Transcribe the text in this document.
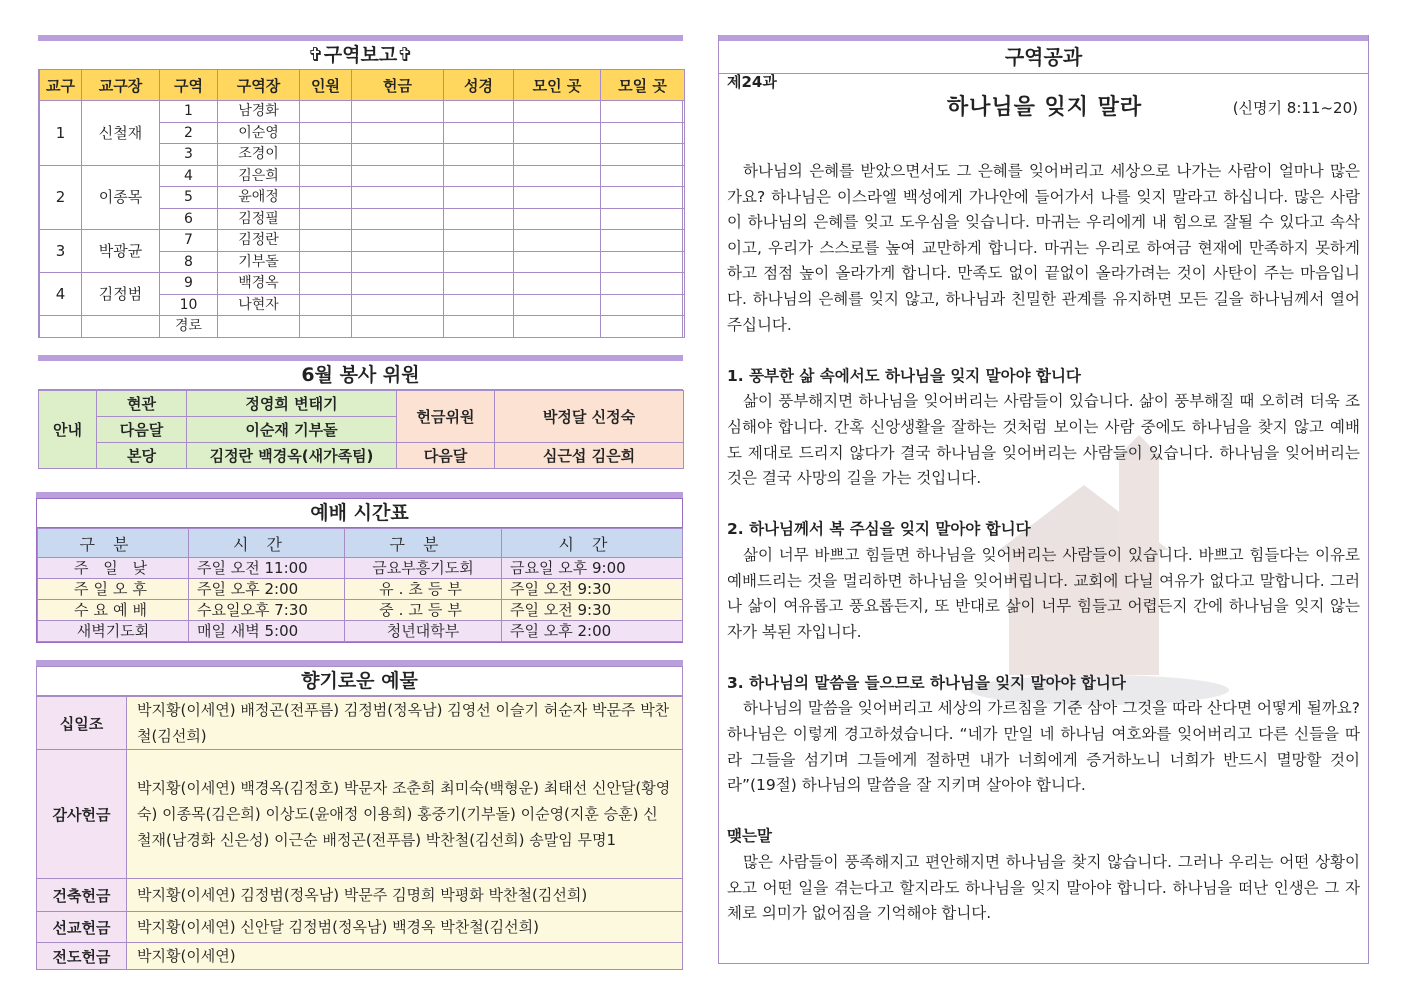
✞구역보고✞
교구	교구장	구역	구역장	인원	헌금	성경	모인 곳	모일 곳
1	신철재	1	남경화					
		2	이순영					
		3	조경이					
2	이종목	4	김은희					
		5	윤애정					
		6	김정필					
3	박광균	7	김정란					
		8	기부돌					
4	김정범	9	백경옥					
		10	나현자					
		경로						
6월 봉사 위원
안내	현관	정영희 변태기	헌금위원	박정달 신정숙
	다음달	이순재 기부돌		
	본당	김정란 백경옥(새가족팀)	다음달	심근섭 김은희
예배 시간표
구분	시간	구분	시간
주 일 낮	주일 오전 11:00	금요부흥기도회	금요일 오후 9:00
주일오후	주일 오후 2:00	유.초등부	주일 오전 9:30
수요예배	수요일오후 7:30	중.고등부	주일 오전 9:30
새벽기도회	매일 새벽 5:00	청년대학부	주일 오후 2:00
향기로운 예물
십일조	박지황(이세연) 배정곤(전푸름) 김정범(정옥남) 김영선 이슬기 허순자 박문주 박찬철(김선희)
감사헌금	박지황(이세연) 백경옥(김정호) 박문자 조춘희 최미숙(백형운) 최태선 신안달(황영숙) 이종목(김은희) 이상도(윤애정 이용희) 홍중기(기부돌) 이순영(지훈 승훈) 신철재(남경화 신은성) 이근순 배정곤(전푸름) 박찬철(김선희) 송말임 무명1
건축헌금	박지황(이세연) 김정범(정옥남) 박문주 김명희 박평화 박찬철(김선희)
선교헌금	박지황(이세연) 신안달 김정범(정옥남) 백경옥 박찬철(김선희)
전도헌금	박지황(이세연)
구역공과
제24과
하나님을 잊지 말라	(신명기 8:11~20)

하나님의 은혜를 받았으면서도 그 은혜를 잊어버리고 세상으로 나가는 사람이 얼마나 많은가요? 하나님은 이스라엘 백성에게 가나안에 들어가서 나를 잊지 말라고 하십니다. 많은 사람이 하나님의 은혜를 잊고 도우심을 잊습니다. 마귀는 우리에게 내 힘으로 잘될 수 있다고 속삭이고, 우리가 스스로를 높여 교만하게 합니다. 마귀는 우리로 하여금 현재에 만족하지 못하게 하고 점점 높이 올라가게 합니다. 만족도 없이 끝없이 올라가려는 것이 사탄이 주는 마음입니다. 하나님의 은혜를 잊지 않고, 하나님과 친밀한 관계를 유지하면 모든 길을 하나님께서 열어주십니다.

1. 풍부한 삶 속에서도 하나님을 잊지 말아야 합니다

삶이 풍부해지면 하나님을 잊어버리는 사람들이 있습니다. 삶이 풍부해질 때 오히려 더욱 조심해야 합니다. 간혹 신앙생활을 잘하는 것처럼 보이는 사람 중에도 하나님을 찾지 않고 예배도 제대로 드리지 않다가 결국 하나님을 잊어버리는 사람들이 있습니다. 하나님을 잊어버리는 것은 결국 사망의 길을 가는 것입니다.

2. 하나님께서 복 주심을 잊지 말아야 합니다

삶이 너무 바쁘고 힘들면 하나님을 잊어버리는 사람들이 있습니다. 바쁘고 힘들다는 이유로 예배드리는 것을 멀리하면 하나님을 잊어버립니다. 교회에 다닐 여유가 없다고 말합니다. 그러나 삶이 여유롭고 풍요롭든지, 또 반대로 삶이 너무 힘들고 어렵든지 간에 하나님을 잊지 않는 자가 복된 자입니다.

3. 하나님의 말씀을 들으므로 하나님을 잊지 말아야 합니다

하나님의 말씀을 잊어버리고 세상의 가르침을 기준 삼아 그것을 따라 산다면 어떻게 될까요? 하나님은 이렇게 경고하셨습니다. “네가 만일 네 하나님 여호와를 잊어버리고 다른 신들을 따라 그들을 섬기며 그들에게 절하면 내가 너희에게 증거하노니 너희가 반드시 멸망할 것이라”(19절) 하나님의 말씀을 잘 지키며 살아야 합니다.

맺는말

많은 사람들이 풍족해지고 편안해지면 하나님을 찾지 않습니다. 그러나 우리는 어떤 상황이 오고 어떤 일을 겪는다고 할지라도 하나님을 잊지 말아야 합니다. 하나님을 떠난 인생은 그 자체로 의미가 없어짐을 기억해야 합니다.
